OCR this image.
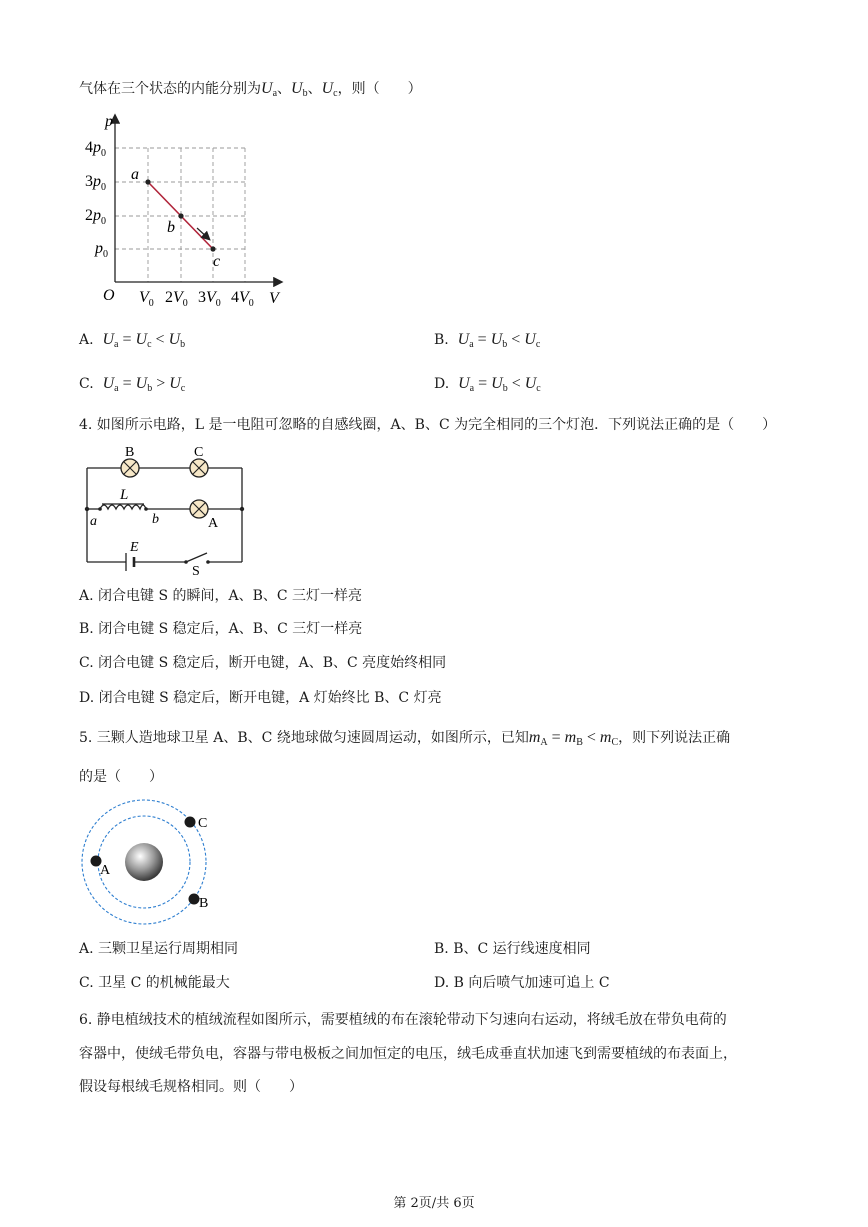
气体在三个状态的内能分别为$U_a$、$U_b$、$U_c$，则（　　）
p
V
O
a
b
c
$4p_0$
$3p_0$
$2p_0$
$p_0$
$V_0$ $2V_0$ $3V_0$ $4V_0$
A. $U_a = U_c < U_b$	B. $U_a = U_b < U_c$
C. $U_a = U_b > U_c$	D. $U_a = U_b < U_c$
4. 如图所示电路，L 是一电阻可忽略的自感线圈，A、B、C 为完全相同的三个灯泡．下列说法正确的是（　　）
B	C
A
L
a	b
E
S
A. 闭合电键 S 的瞬间，A、B、C 三灯一样亮
B. 闭合电键 S 稳定后，A、B、C 三灯一样亮
C. 闭合电键 S 稳定后，断开电键，A、B、C 亮度始终相同
D. 闭合电键 S 稳定后，断开电键，A 灯始终比 B、C 灯亮
5. 三颗人造地球卫星 A、B、C 绕地球做匀速圆周运动，如图所示，已知$m_A = m_B < m_C$，则下列说法正确
的是（　　）
A
C
B
A. 三颗卫星运行周期相同	B. B、C 运行线速度相同
C. 卫星 C 的机械能最大	D. B 向后喷气加速可追上 C
6. 静电植绒技术的植绒流程如图所示，需要植绒的布在滚轮带动下匀速向右运动，将绒毛放在带负电荷的
容器中，使绒毛带负电，容器与带电极板之间加恒定的电压，绒毛成垂直状加速飞到需要植绒的布表面上，
假设每根绒毛规格相同。则（　　）
第 2页/共 6页
